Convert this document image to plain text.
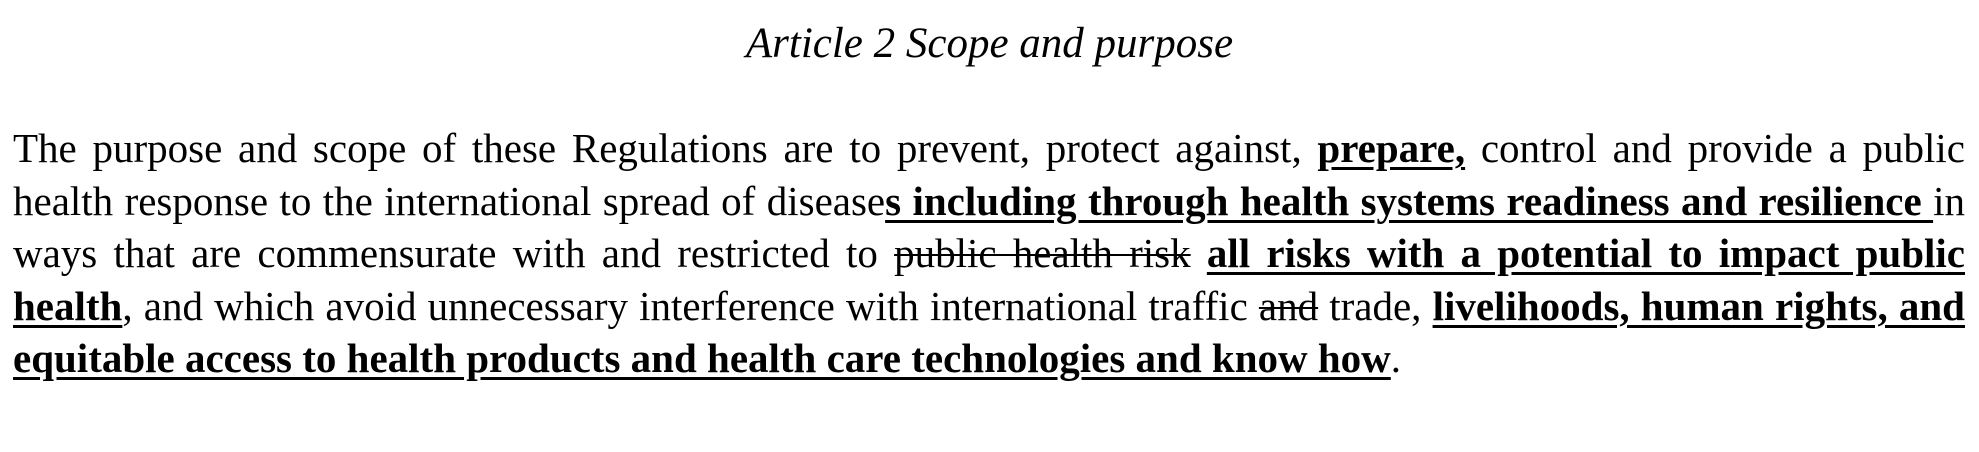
Article 2 Scope and purpose

The purpose and scope of these Regulations are to prevent, protect against, prepare, control and provide a public health response to the international spread of diseases including through health systems readiness and resilience in ways that are commensurate with and restricted to public health risk all risks with a potential to impact public health, and which avoid unnecessary interference with international traffic and trade, livelihoods, human rights, and equitable access to health products and health care technologies and know how.
